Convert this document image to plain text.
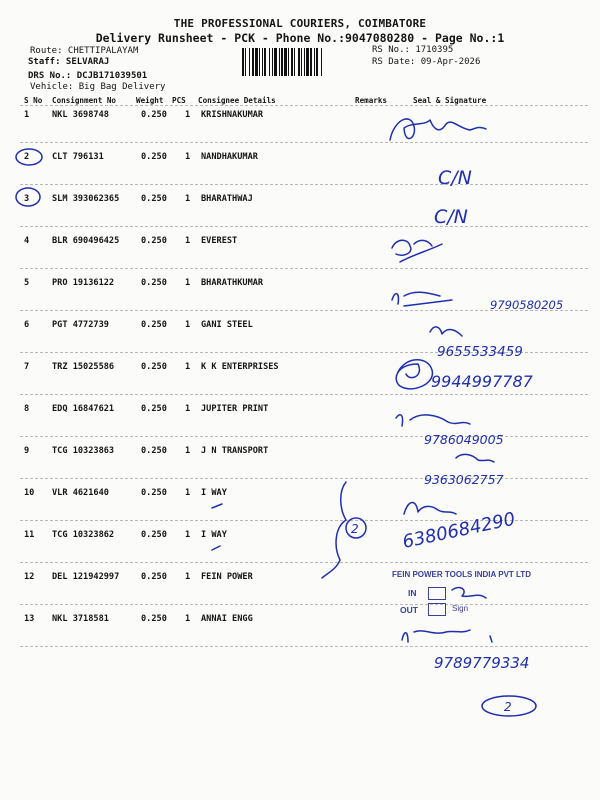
THE PROFESSIONAL COURIERS, COIMBATORE
Delivery Runsheet - PCK - Phone No.:9047080280 - Page No.:1
Route: CHETTIPALAYAM
Staff: SELVARAJ
DRS No.: DCJB171039501
Vehicle: Big Bag Delivery
RS No.: 1710395
RS Date: 09-Apr-2026
S No Consignment No	Weight PCS Consignee Details	Remarks	Seal & Signature
1	NKL 3698748	0.250 1 KRISHNAKUMAR
2	CLT 796131	0.250 1 NANDHAKUMAR
3	SLM 393062365	0.250 1 BHARATHWAJ
4	BLR 690496425	0.250 1 EVEREST
5	PRO 19136122	0.250 1 BHARATHKUMAR
6	PGT 4772739	0.250 1 GANI STEEL
7	TRZ 15025586	0.250 1 K K ENTERPRISES
8	EDQ 16847621	0.250 1 JUPITER PRINT
9	TCG 10323863	0.250 1 J N TRANSPORT
10 VLR 4621640	0.250 1 I WAY
11 TCG 10323862	0.250 1 I WAY
12 DEL 121942997	0.250 1 FEIN POWER
13 NKL 3718581	0.250 1 ANNAI ENGG
FEIN POWER TOOLS INDIA PVT LTD
IN
OUT	Sign
C/N
C/N
9790580205
9655533459
9944997787
9786049005
9363062757
6380684290
2
9789779334
2
